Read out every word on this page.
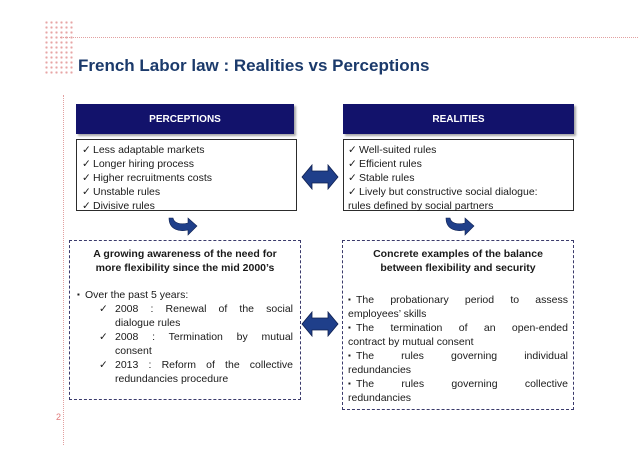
French Labor law : Realities vs Perceptions
2
PERCEPTIONS
✓ Less adaptable markets
✓ Longer hiring process
✓ Higher recruitments costs
✓ Unstable rules
✓ Divisive rules
REALITIES
✓ Well-suited rules
✓ Efficient rules
✓ Stable rules
✓ Lively but constructive social dialogue:
rules defined by social partners
A growing awareness of the need for
more flexibility since the mid 2000’s
▪ Over the past 5 years:
✓ 2008 : Renewal of the social
dialogue rules
✓ 2008 : Termination by mutual
consent
✓ 2013 : Reform of the collective
redundancies procedure
Concrete examples of the balance
between flexibility and security
▪ The probationary period to assess
employees’ skills
▪ The termination of an open-ended
contract by mutual consent
▪ The rules governing individual
redundancies
▪ The rules governing collective
redundancies
